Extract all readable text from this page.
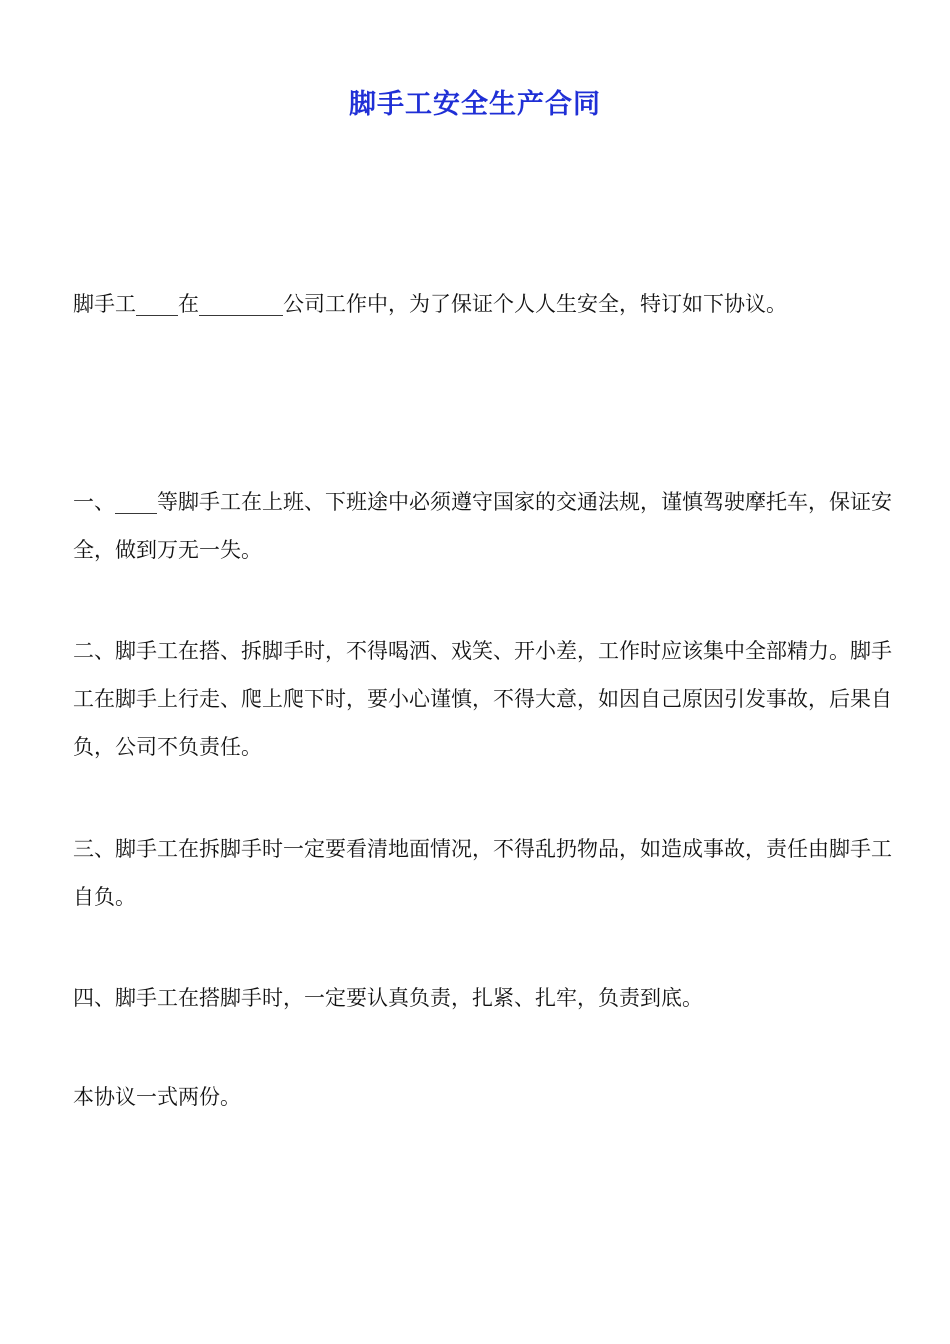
脚手工安全生产合同
脚手工____在________公司工作中，为了保证个人人生安全，特订如下协议。
一、____等脚手工在上班、下班途中必须遵守国家的交通法规，谨慎驾驶摩托车，保证安全，做到万无一失。
二、脚手工在搭、拆脚手时，不得喝洒、戏笑、开小差，工作时应该集中全部精力。脚手工在脚手上行走、爬上爬下时，要小心谨慎，不得大意，如因自己原因引发事故，后果自负，公司不负责任。
三、脚手工在拆脚手时一定要看清地面情况，不得乱扔物品，如造成事故，责任由脚手工自负。
四、脚手工在搭脚手时，一定要认真负责，扎紧、扎牢，负责到底。
本协议一式两份。
